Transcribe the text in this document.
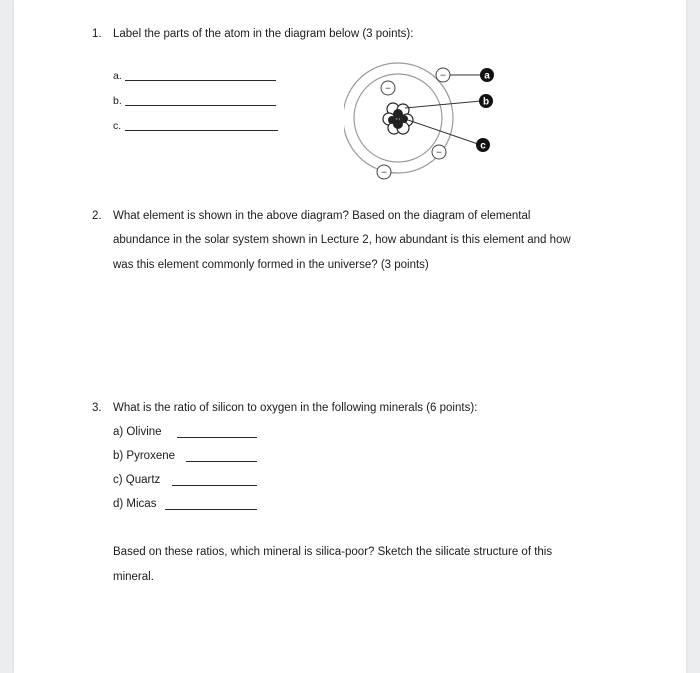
1. Label the parts of the atom in the diagram below (3 points):
a.
b.
c.
−
−
−
−
a
b
c
2. What element is shown in the above diagram? Based on the diagram of elemental
abundance in the solar system shown in Lecture 2, how abundant is this element and how
was this element commonly formed in the universe? (3 points)
3. What is the ratio of silicon to oxygen in the following minerals (6 points):
a) Olivine
b) Pyroxene
c) Quartz
d) Micas
Based on these ratios, which mineral is silica-poor? Sketch the silicate structure of this
mineral.
